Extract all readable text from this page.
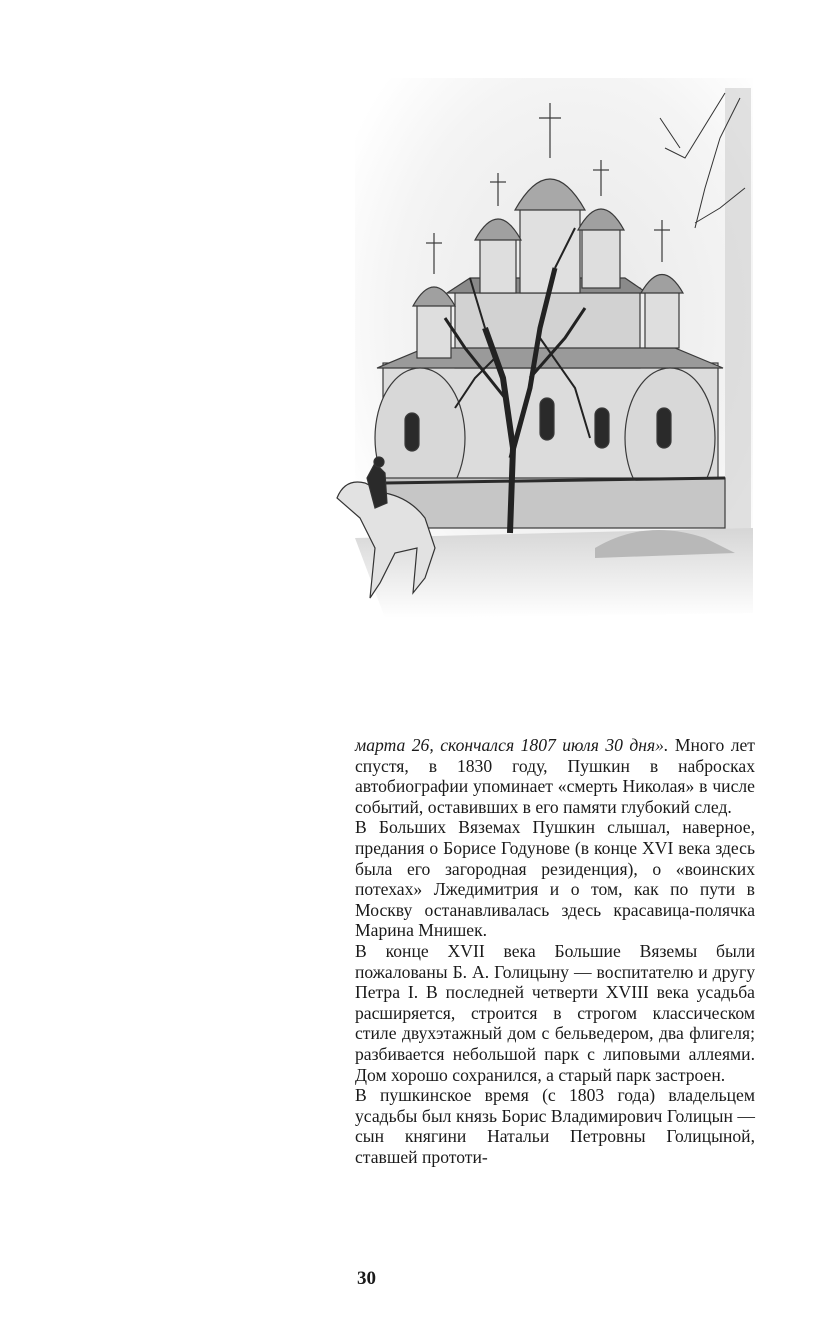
марта 26, скончался 1807 июля 30 дня». Много лет спустя, в 1830 году, Пушкин в набросках автобиографии упоминает «смерть Николая» в числе событий, оставивших в его памяти глубокий след.

В Больших Вяземах Пушкин слышал, наверное, предания о Борисе Годунове (в конце XVI века здесь была его загородная резиденция), о «воинских потехах» Лжедимитрия и о том, как по пути в Москву останавливалась здесь красавица-полячка Марина Мнишек.

В конце XVII века Большие Вяземы были пожалованы Б. А. Голицыну — воспитателю и другу Петра I. В последней четверти XVIII века усадьба расширяется, строится в строгом классическом стиле двухэтажный дом с бельведером, два флигеля; разбивается небольшой парк с липовыми аллеями. Дом хорошо сохранился, а старый парк застроен.

В пушкинское время (с 1803 года) владельцем усадьбы был князь Борис Владимирович Голицын — сын княгини Натальи Петровны Голицыной, ставшей прототи-

30
